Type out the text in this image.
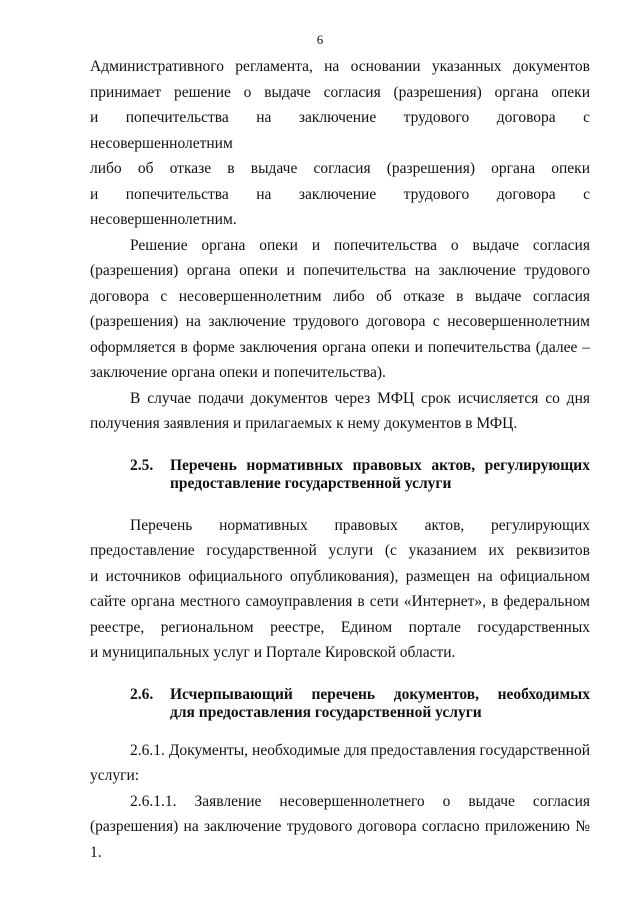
6

Административного регламента, на основании указанных документов

принимает решение о выдаче согласия (разрешения) органа опеки

и попечительства на заключение трудового договора с несовершеннолетним

либо об отказе в выдаче согласия (разрешения) органа опеки

и попечительства на заключение трудового договора с несовершеннолетним.

Решение органа опеки и попечительства о выдаче согласия

(разрешения) органа опеки и попечительства на заключение трудового

договора с несовершеннолетним либо об отказе в выдаче согласия

(разрешения) на заключение трудового договора с несовершеннолетним

оформляется в форме заключения органа опеки и попечительства (далее –

заключение органа опеки и попечительства).

В случае подачи документов через МФЦ срок исчисляется со дня

получения заявления и прилагаемых к нему документов в МФЦ.

2.5. Перечень нормативных правовых актов, регулирующих
предоставление государственной услуги

Перечень нормативных правовых актов, регулирующих

предоставление государственной услуги (с указанием их реквизитов

и источников официального опубликования), размещен на официальном

сайте органа местного самоуправления в сети «Интернет», в федеральном

реестре, региональном реестре, Едином портале государственных

и муниципальных услуг и Портале Кировской области.

2.6. Исчерпывающий перечень документов, необходимых
для предоставления государственной услуги

2.6.1. Документы, необходимые для предоставления государственной

услуги:

2.6.1.1. Заявление несовершеннолетнего о выдаче согласия

(разрешения) на заключение трудового договора согласно приложению № 1.
